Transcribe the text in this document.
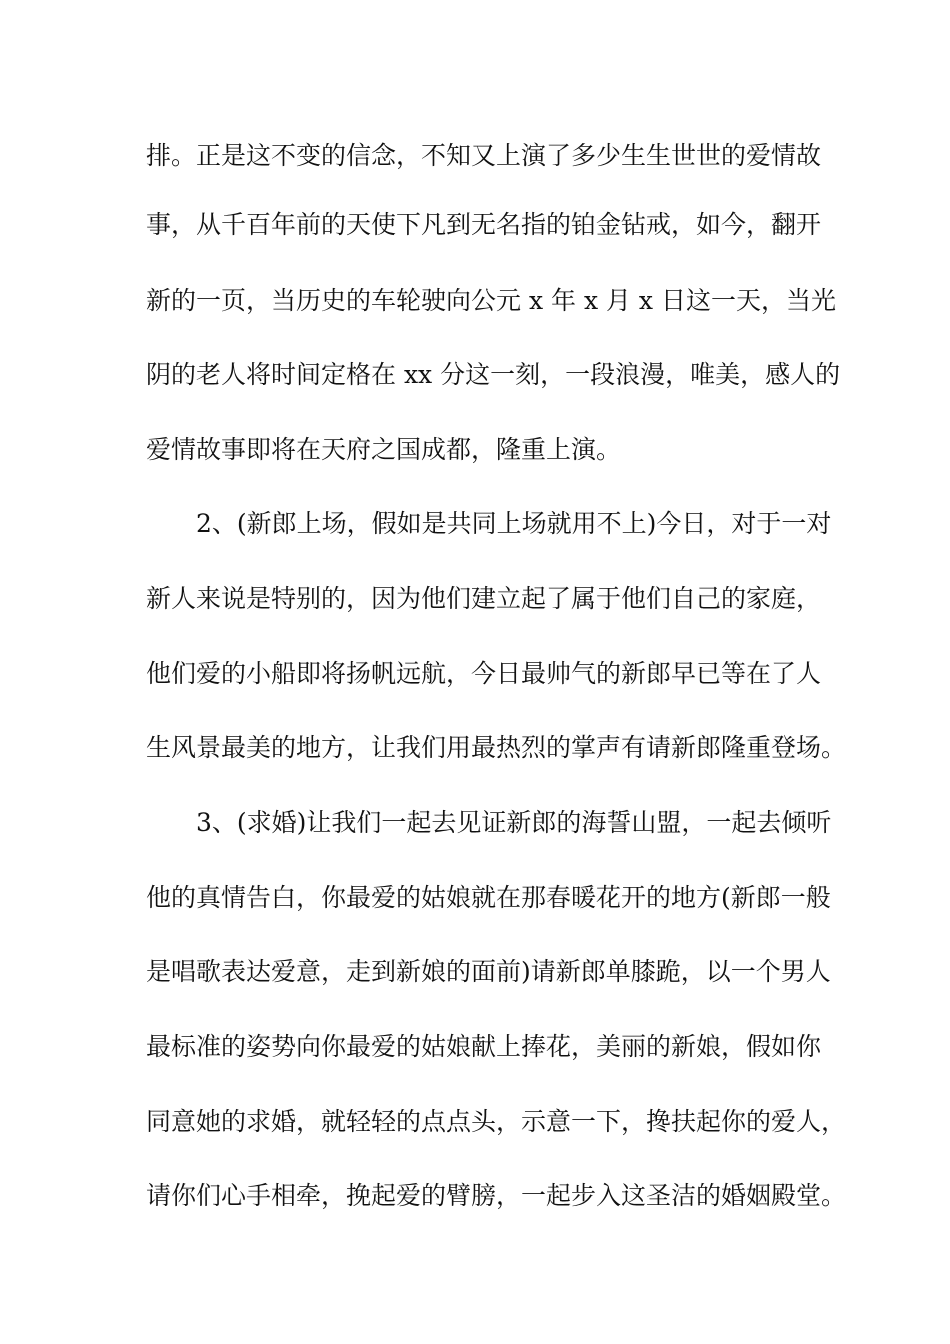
排。正是这不变的信念，不知又上演了多少生生世世的爱情故
事，从千百年前的天使下凡到无名指的铂金钻戒，如今，翻开
新的一页，当历史的车轮驶向公元 x 年 x 月 x 日这一天，当光
阴的老人将时间定格在 xx 分这一刻，一段浪漫，唯美，感人的
爱情故事即将在天府之国成都，隆重上演。
2、(新郎上场，假如是共同上场就用不上)今日，对于一对
新人来说是特别的，因为他们建立起了属于他们自己的家庭，
他们爱的小船即将扬帆远航，今日最帅气的新郎早已等在了人
生风景最美的地方，让我们用最热烈的掌声有请新郎隆重登场。
3、(求婚)让我们一起去见证新郎的海誓山盟，一起去倾听
他的真情告白，你最爱的姑娘就在那春暖花开的地方(新郎一般
是唱歌表达爱意，走到新娘的面前)请新郎单膝跪，以一个男人
最标准的姿势向你最爱的姑娘献上捧花，美丽的新娘，假如你
同意她的求婚，就轻轻的点点头，示意一下，搀扶起你的爱人，
请你们心手相牵，挽起爱的臂膀，一起步入这圣洁的婚姻殿堂。
